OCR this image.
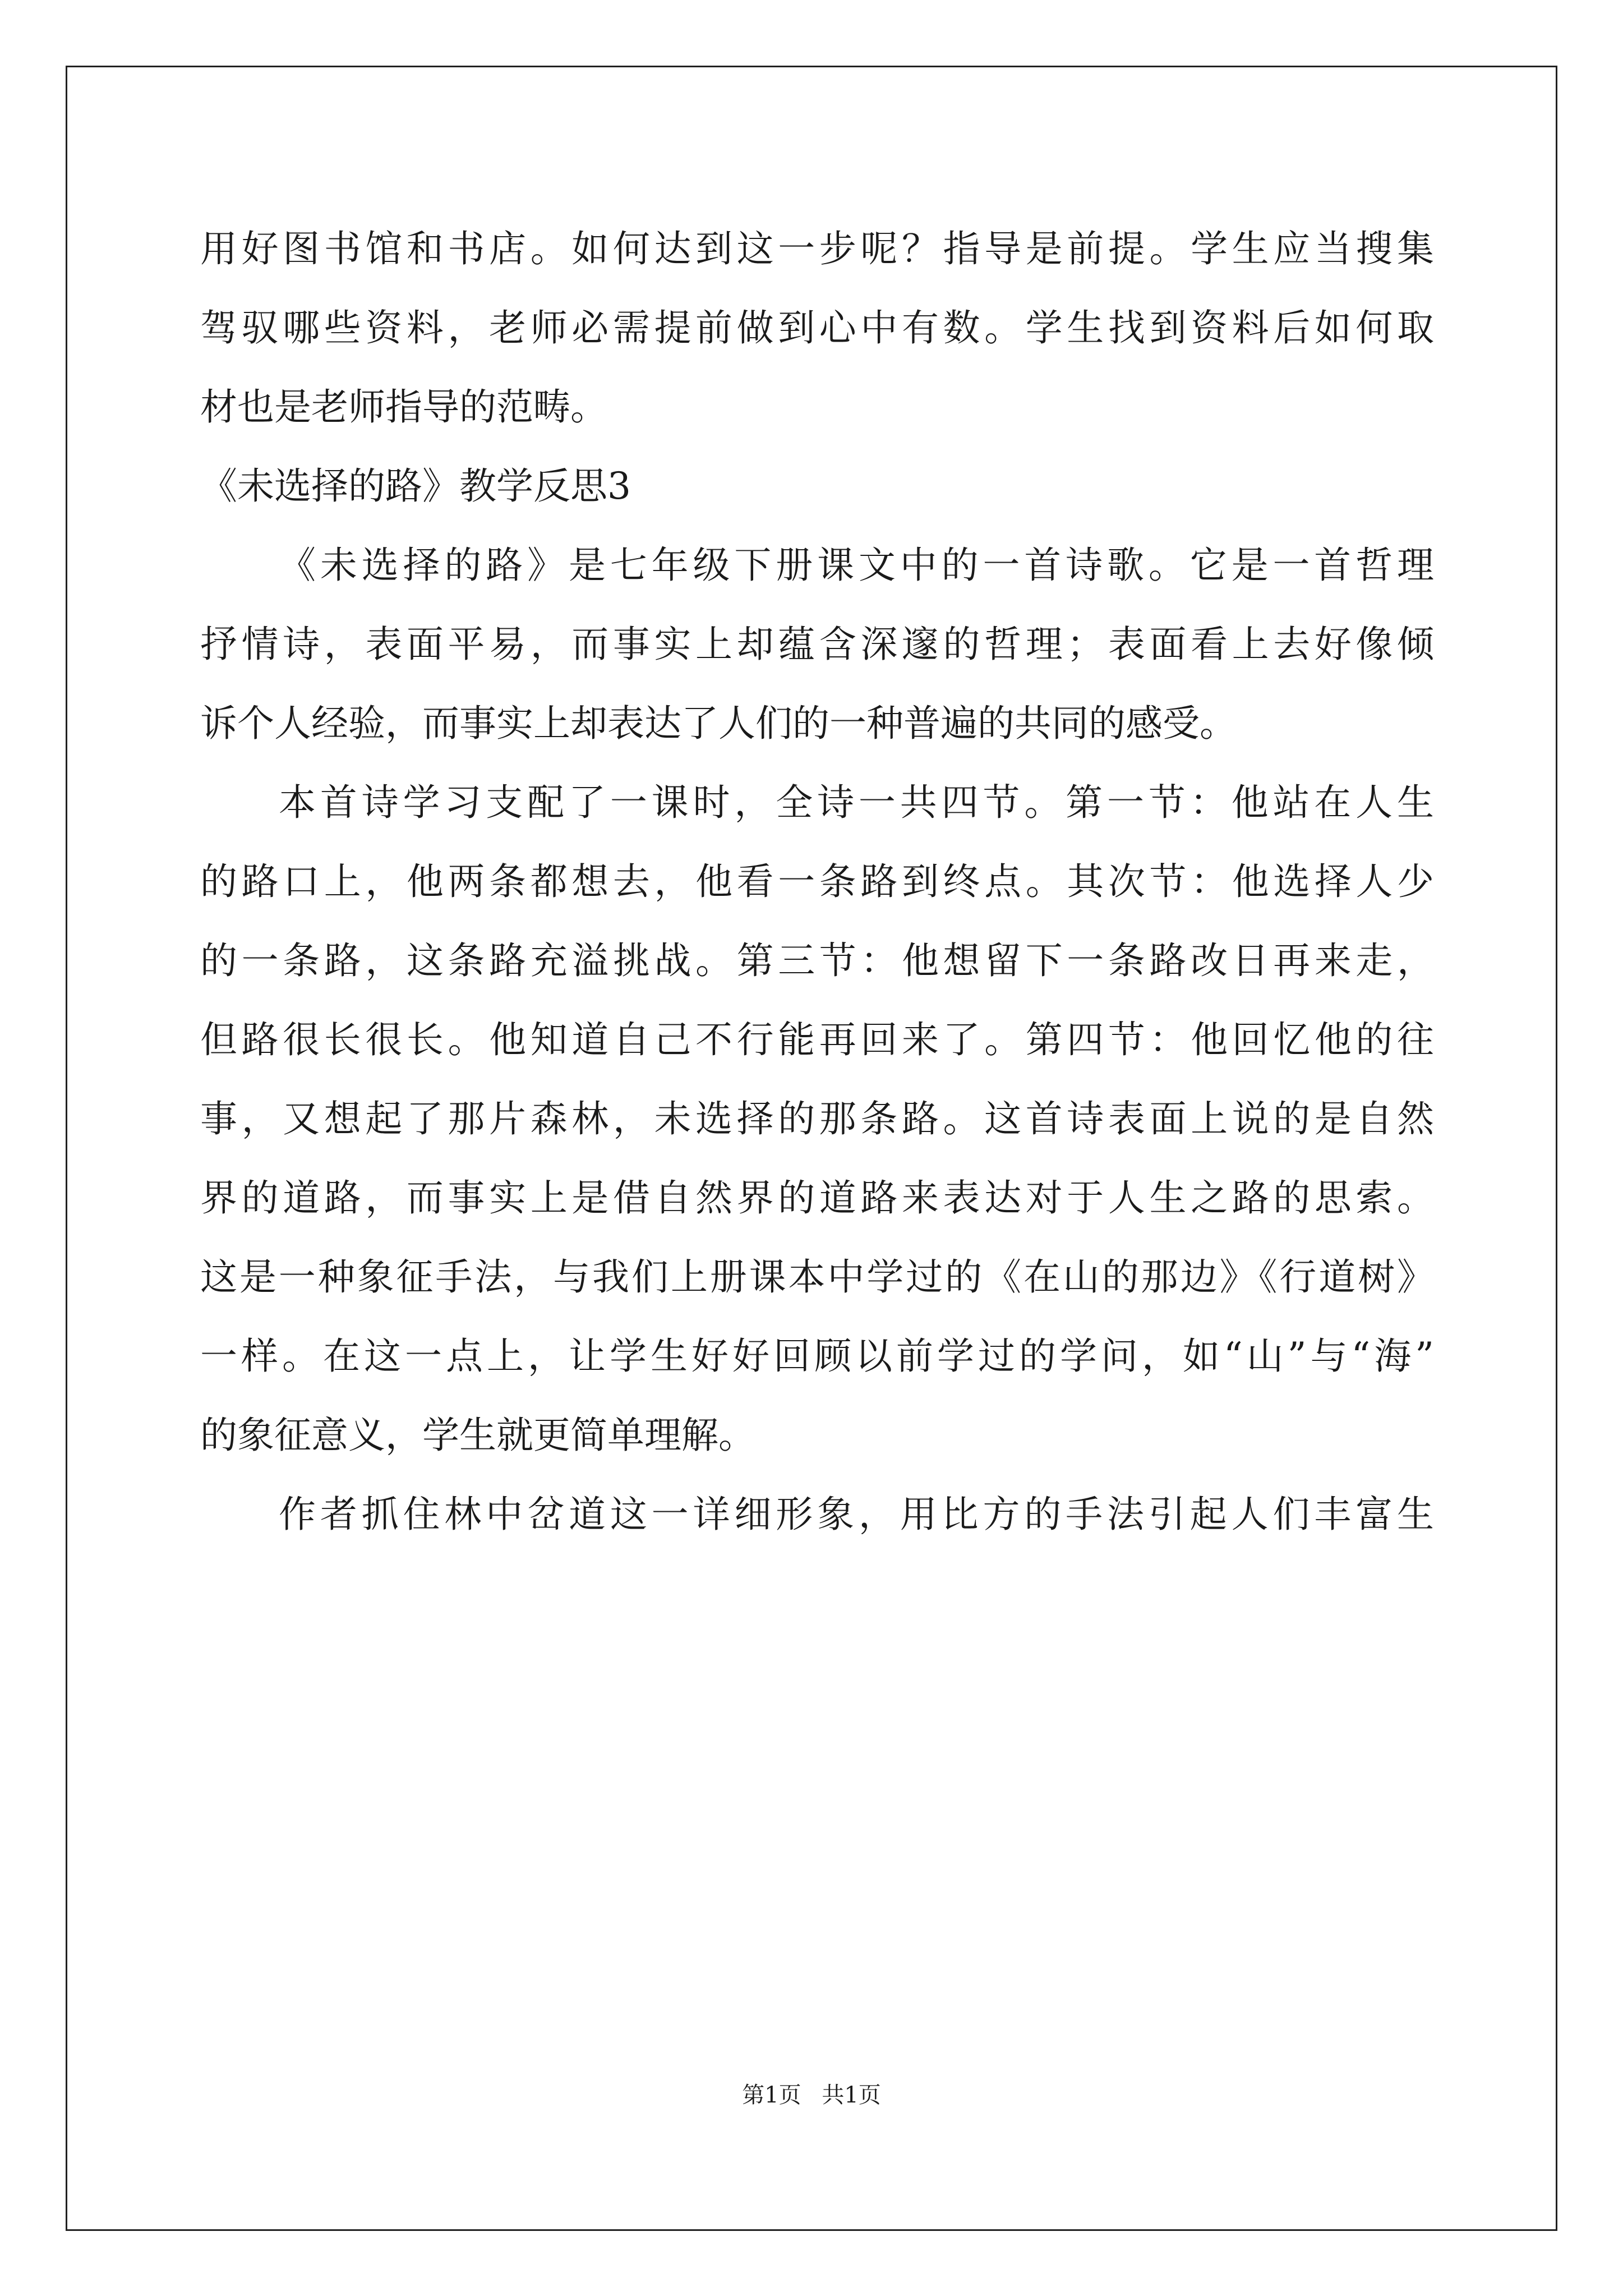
用好图书馆和书店。如何达到这一步呢？指导是前提。学生应当搜集
驾驭哪些资料，老师必需提前做到心中有数。学生找到资料后如何取
材也是老师指导的范畴。
《未选择的路》教学反思3
《未选择的路》是七年级下册课文中的一首诗歌。它是一首哲理
抒情诗，表面平易，而事实上却蕴含深邃的哲理；表面看上去好像倾
诉个人经验，而事实上却表达了人们的一种普遍的共同的感受。
本首诗学习支配了一课时，全诗一共四节。第一节：他站在人生
的路口上，他两条都想去，他看一条路到终点。其次节：他选择人少
的一条路，这条路充溢挑战。第三节：他想留下一条路改日再来走，
但路很长很长。他知道自己不行能再回来了。第四节：他回忆他的往
事，又想起了那片森林，未选择的那条路。这首诗表面上说的是自然
界的道路，而事实上是借自然界的道路来表达对于人生之路的思索。
这是一种象征手法，与我们上册课本中学过的《在山的那边》《行道树》
一样。在这一点上，让学生好好回顾以前学过的学问，如“山”与“海”
的象征意义，学生就更简单理解。
作者抓住林中岔道这一详细形象，用比方的手法引起人们丰富生
第1页 共1页
